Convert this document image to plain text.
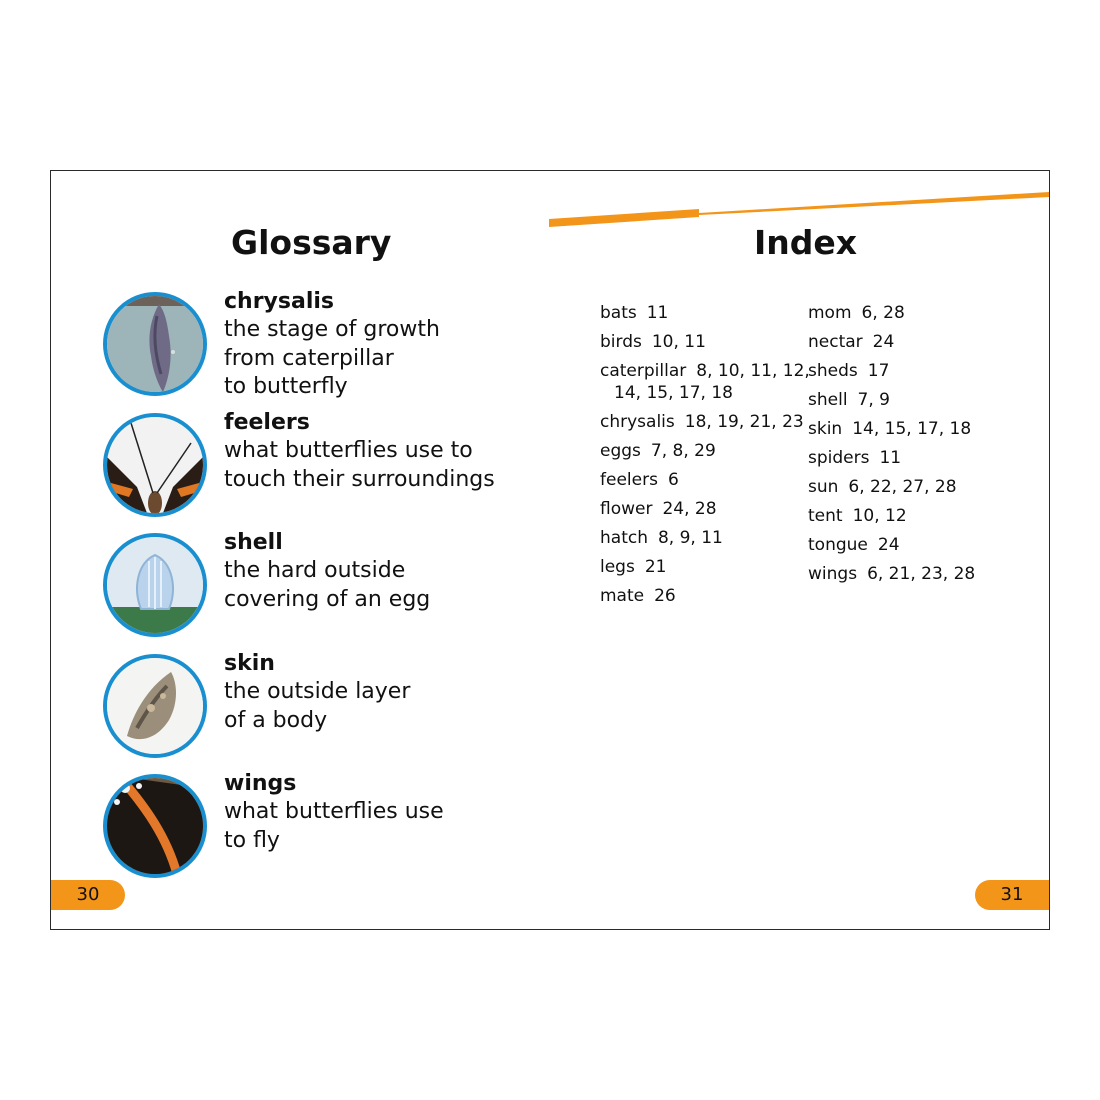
Glossary	Index
chrysalis
the stage of growth
from caterpillar
to butterfly
feelers
what butterflies use to
touch their surroundings
shell
the hard outside
covering of an egg
skin
the outside layer
of a body
wings
what butterflies use
to fly
bats 11
birds 10, 11
caterpillar 8, 10, 11, 12, 14, 15, 17, 18
chrysalis 18, 19, 21, 23
eggs 7, 8, 29
feelers 6
flower 24, 28
hatch 8, 9, 11
legs 21
mate 26
mom 6, 28
nectar 24
sheds 17
shell 7, 9
skin 14, 15, 17, 18
spiders 11
sun 6, 22, 27, 28
tent 10, 12
tongue 24
wings 6, 21, 23, 28
30	31
